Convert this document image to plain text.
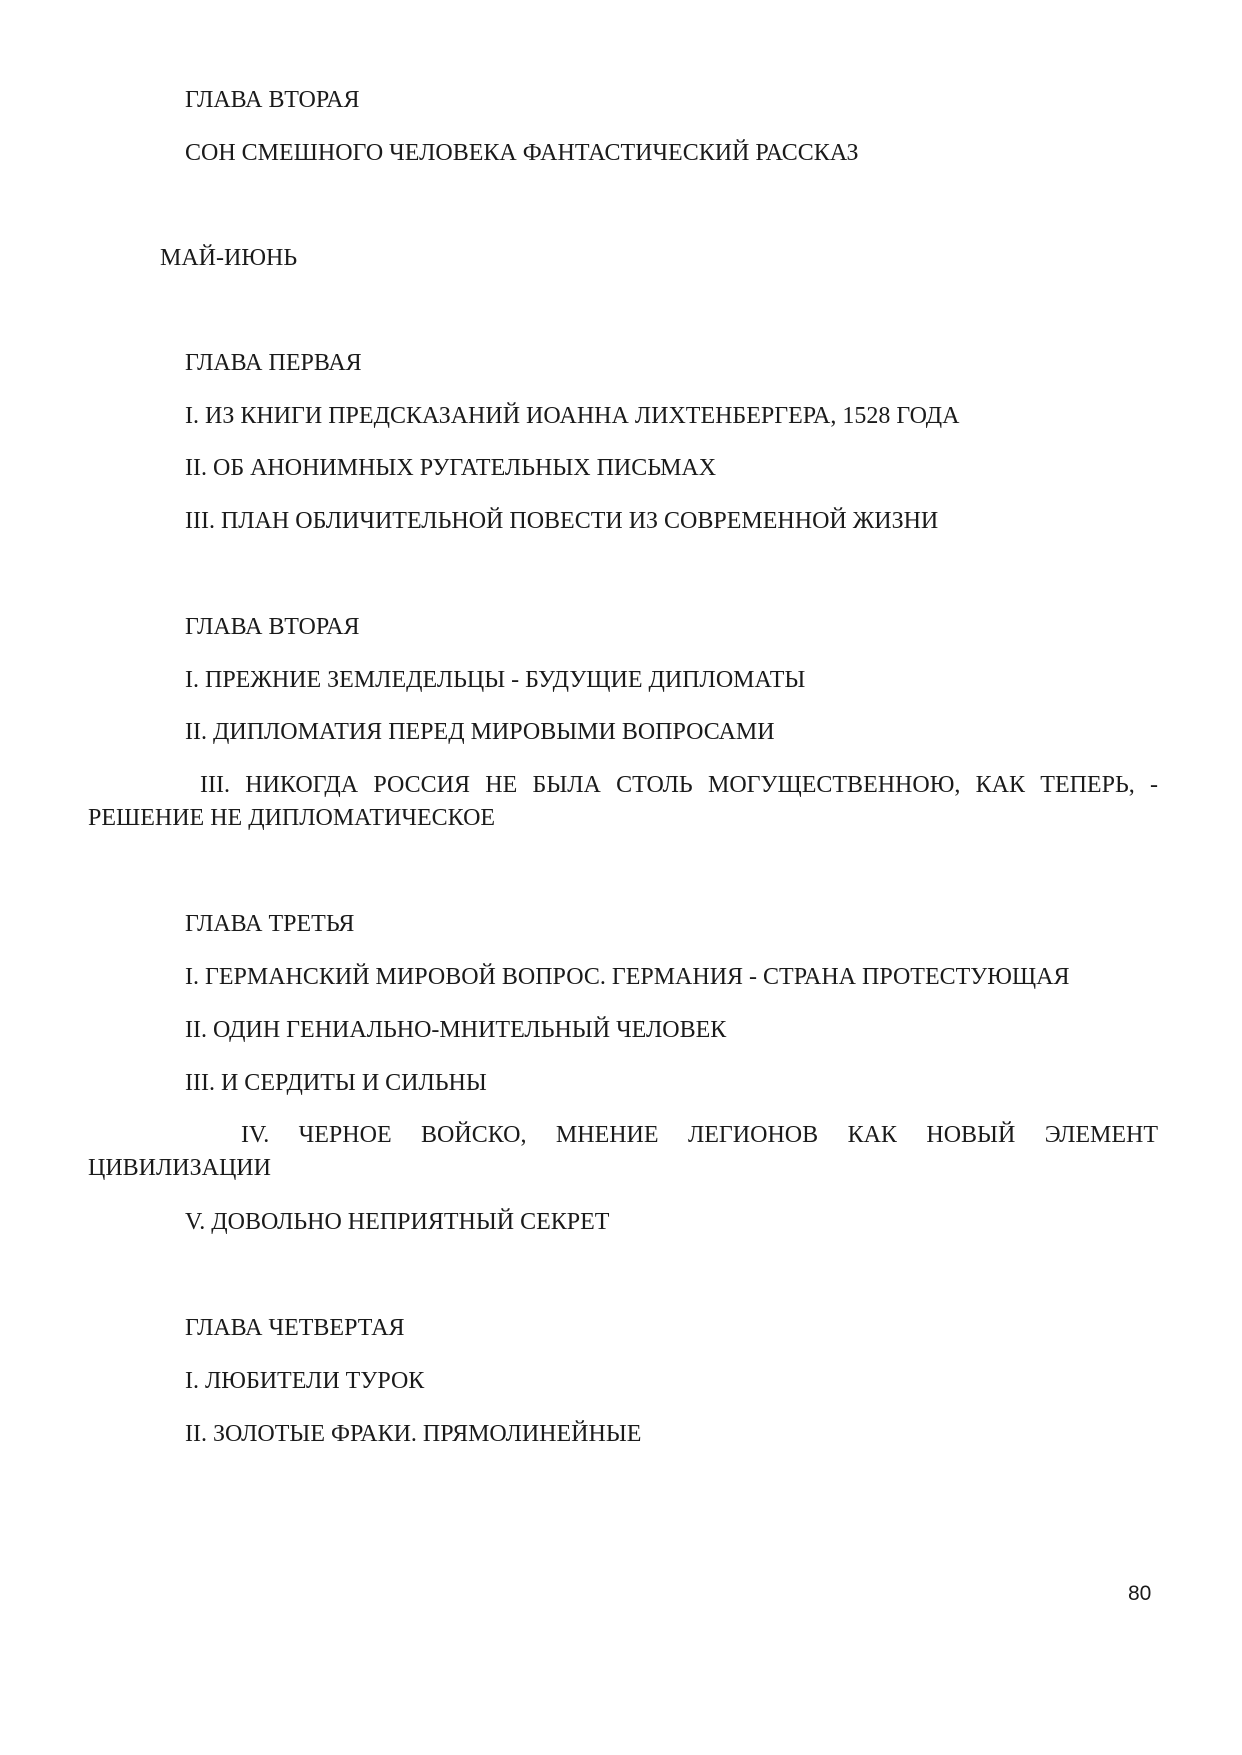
ГЛАВА ВТОРАЯ
СОН СМЕШНОГО ЧЕЛОВЕКА ФАНТАСТИЧЕСКИЙ РАССКАЗ
МАЙ-ИЮНЬ
ГЛАВА ПЕРВАЯ
I. ИЗ КНИГИ ПРЕДСКАЗАНИЙ ИОАННА ЛИХТЕНБЕРГЕРА, 1528 ГОДА
II. ОБ АНОНИМНЫХ РУГАТЕЛЬНЫХ ПИСЬМАХ
III. ПЛАН ОБЛИЧИТЕЛЬНОЙ ПОВЕСТИ ИЗ СОВРЕМЕННОЙ ЖИЗНИ
ГЛАВА ВТОРАЯ
I. ПРЕЖНИЕ ЗЕМЛЕДЕЛЬЦЫ - БУДУЩИЕ ДИПЛОМАТЫ
II. ДИПЛОМАТИЯ ПЕРЕД МИРОВЫМИ ВОПРОСАМИ
III. НИКОГДА РОССИЯ НЕ БЫЛА СТОЛЬ МОГУЩЕСТВЕННОЮ, КАК ТЕПЕРЬ, - РЕШЕНИЕ НЕ ДИПЛОМАТИЧЕСКОЕ
ГЛАВА ТРЕТЬЯ
I. ГЕРМАНСКИЙ МИРОВОЙ ВОПРОС. ГЕРМАНИЯ - СТРАНА ПРОТЕСТУЮЩАЯ
II. ОДИН ГЕНИАЛЬНО-МНИТЕЛЬНЫЙ ЧЕЛОВЕК
III. И СЕРДИТЫ И СИЛЬНЫ
IV. ЧЕРНОЕ ВОЙСКО, МНЕНИЕ ЛЕГИОНОВ КАК НОВЫЙ ЭЛЕМЕНТ ЦИВИЛИЗАЦИИ
V. ДОВОЛЬНО НЕПРИЯТНЫЙ СЕКРЕТ
ГЛАВА ЧЕТВЕРТАЯ
I. ЛЮБИТЕЛИ ТУРОК
II. ЗОЛОТЫЕ ФРАКИ. ПРЯМОЛИНЕЙНЫЕ
80
